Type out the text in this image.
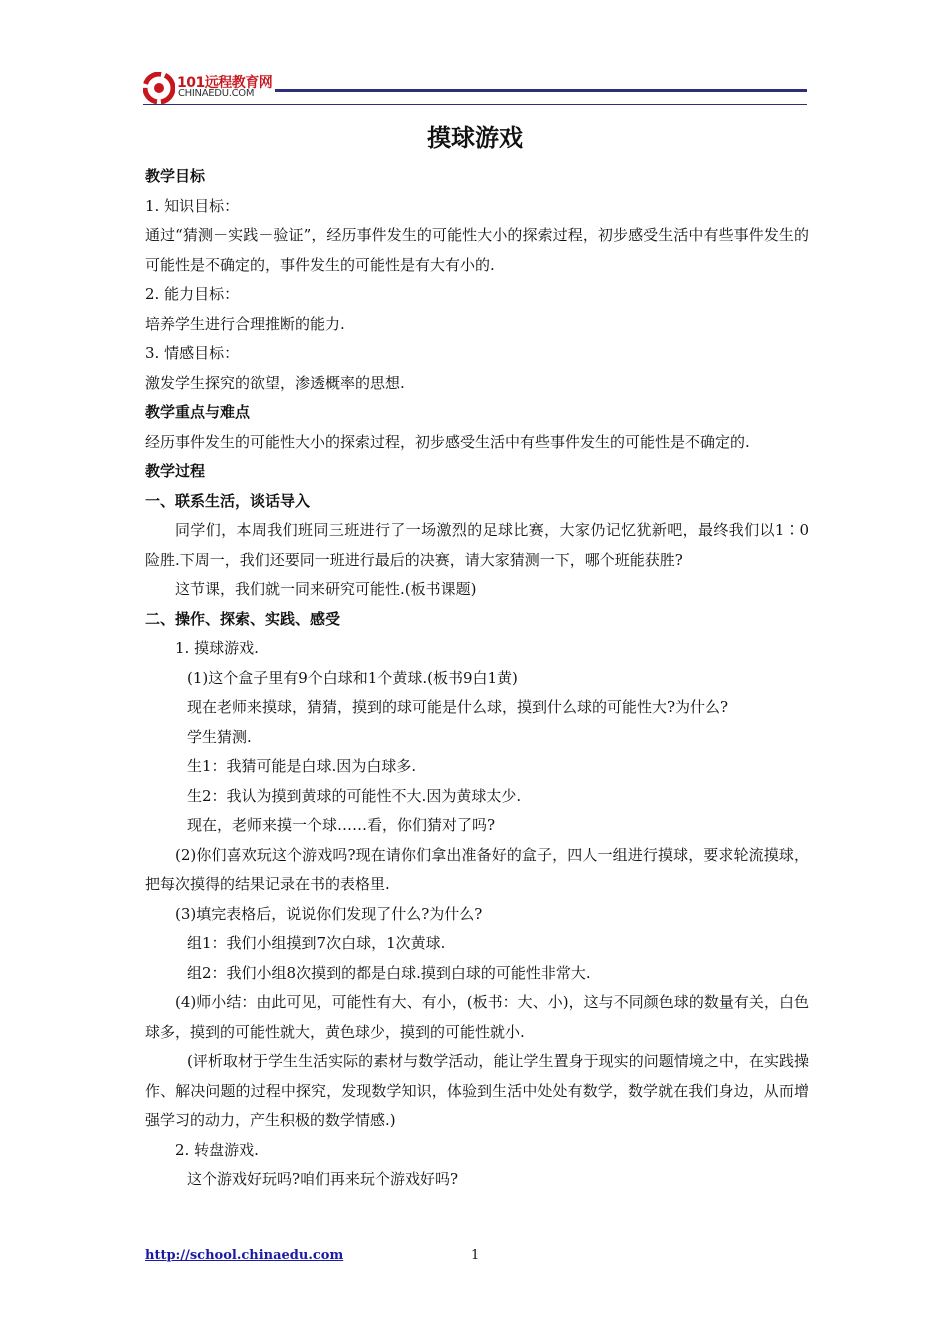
101远程教育网
CHINAEDU.COM
摸球游戏

教学目标

1. 知识目标：

通过“猜测－实践－验证”，经历事件发生的可能性大小的探索过程，初步感受生活中有些事件发生的可能性是不确定的，事件发生的可能性是有大有小的.

2. 能力目标：

培养学生进行合理推断的能力.

3. 情感目标：

激发学生探究的欲望，渗透概率的思想.

教学重点与难点

经历事件发生的可能性大小的探索过程，初步感受生活中有些事件发生的可能性是不确定的.

教学过程

一、联系生活，谈话导入

同学们，本周我们班同三班进行了一场激烈的足球比赛，大家仍记忆犹新吧，最终我们以1∶0险胜.下周一，我们还要同一班进行最后的决赛，请大家猜测一下，哪个班能获胜?

这节课，我们就一同来研究可能性.(板书课题)

二、操作、探索、实践、感受

1. 摸球游戏.

(1)这个盒子里有9个白球和1个黄球.(板书9白1黄)

现在老师来摸球，猜猜，摸到的球可能是什么球，摸到什么球的可能性大?为什么?

学生猜测.

生1：我猜可能是白球.因为白球多.

生2：我认为摸到黄球的可能性不大.因为黄球太少.

现在，老师来摸一个球……看，你们猜对了吗?

(2)你们喜欢玩这个游戏吗?现在请你们拿出准备好的盒子，四人一组进行摸球，要求轮流摸球，把每次摸得的结果记录在书的表格里.

(3)填完表格后，说说你们发现了什么?为什么?

组1：我们小组摸到7次白球，1次黄球.

组2：我们小组8次摸到的都是白球.摸到白球的可能性非常大.

(4)师小结：由此可见，可能性有大、有小，(板书：大、小)，这与不同颜色球的数量有关，白色球多，摸到的可能性就大，黄色球少，摸到的可能性就小.

(评析取材于学生生活实际的素材与数学活动，能让学生置身于现实的问题情境之中，在实践操作、解决问题的过程中探究，发现数学知识，体验到生活中处处有数学，数学就在我们身边，从而增强学习的动力，产生积极的数学情感.)

2. 转盘游戏.

这个游戏好玩吗?咱们再来玩个游戏好吗?

http://school.chinaedu.com	1
